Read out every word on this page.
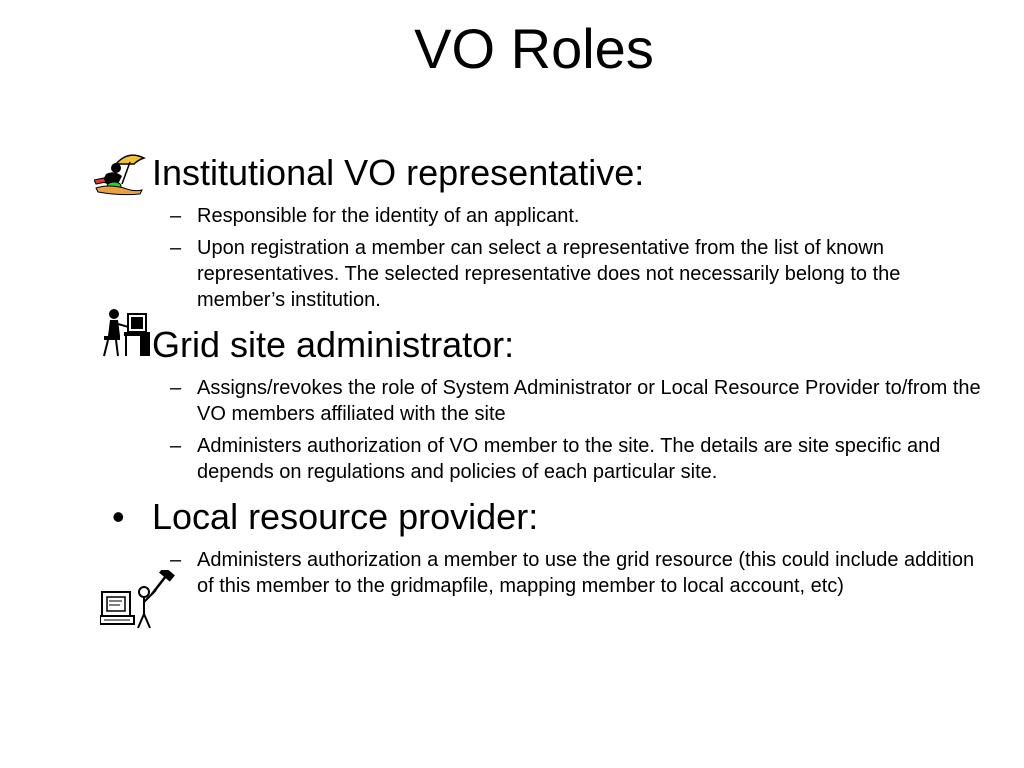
VO Roles
Institutional VO representative:
– Responsible for the identity of an applicant.
– Upon registration a member can select a representative from the list of known representatives. The selected representative does not necessarily belong to the member’s institution.
Grid site administrator:
– Assigns/revokes the role of System Administrator or Local Resource Provider to/from the VO members affiliated with the site
– Administers authorization of VO member to the site. The details are site specific and depends on regulations and policies of each particular site.
• Local resource provider:
– Administers authorization a member to use the grid resource (this could include addition of this member to the gridmapfile, mapping member to local account, etc)
